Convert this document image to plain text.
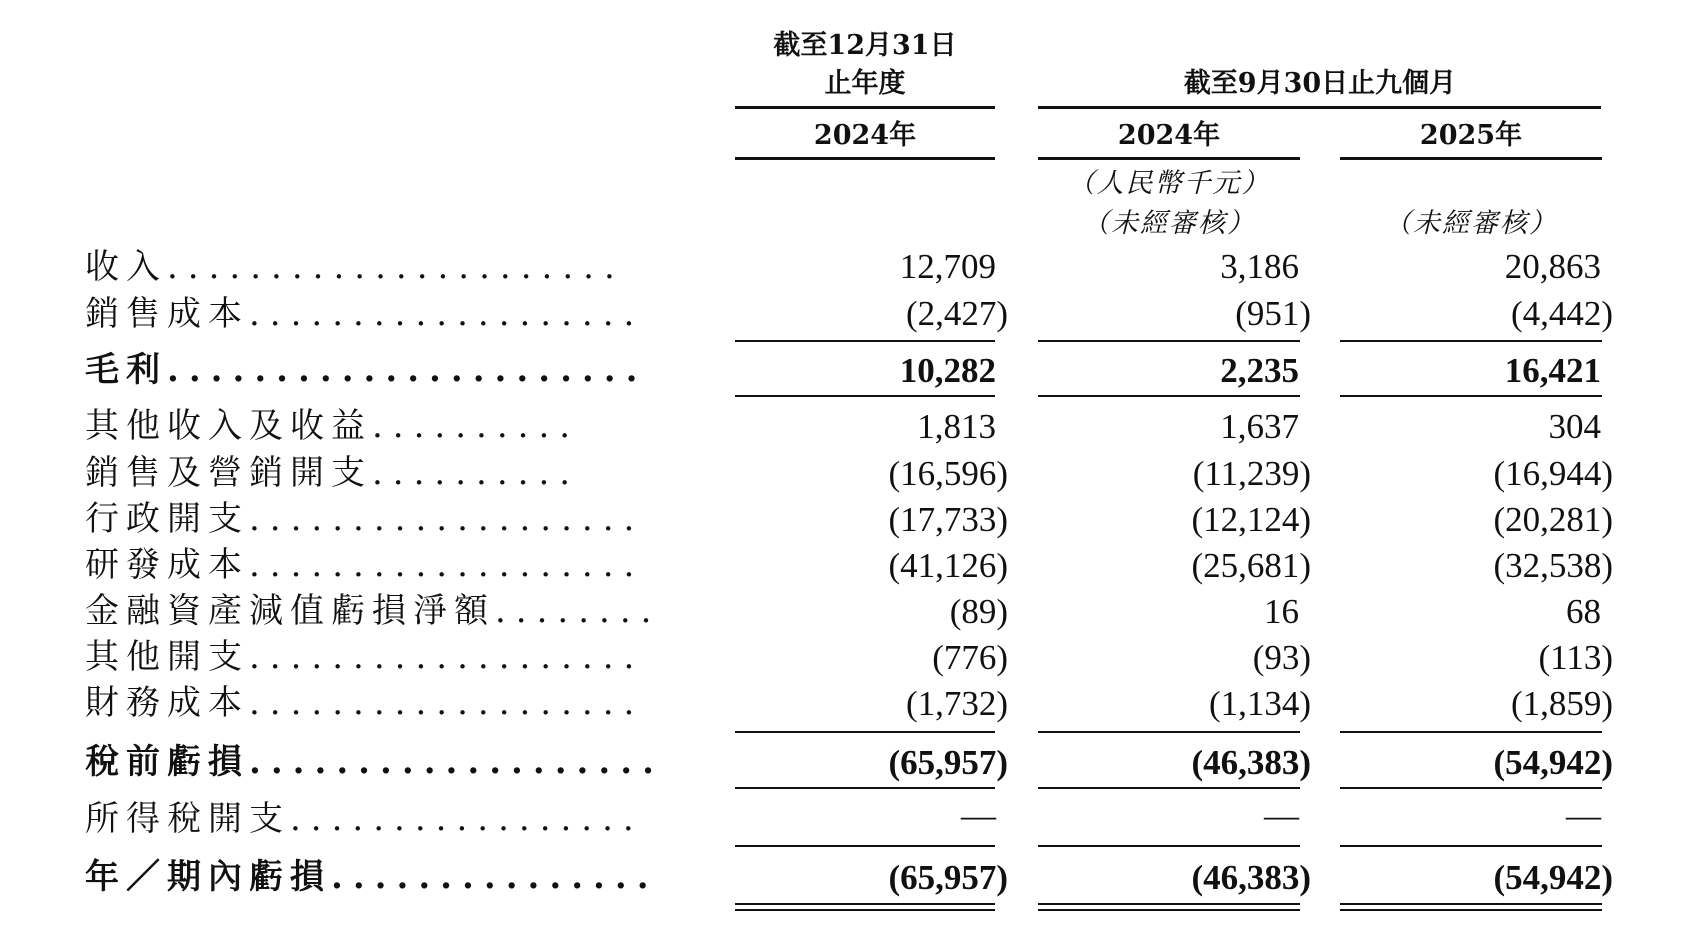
截至12月31日
止年度	截至9月30日止九個月
2024年	2024年	2025年
（人民幣千元）
（未經審核）	（未經審核）
收入......................	12,709	3,186	20,863
銷售成本...................	(2,427)	(951)	(4,442)
毛利......................	10,282	2,235	16,421
其他收入及收益..........	1,813	1,637	304
銷售及營銷開支..........	(16,596)	(11,239)	(16,944)
行政開支...................	(17,733)	(12,124)	(20,281)
研發成本...................	(41,126)	(25,681)	(32,538)
金融資產減值虧損淨額........	(89)	16	68
其他開支...................	(776)	(93)	(113)
財務成本...................	(1,732)	(1,134)	(1,859)
稅前虧損...................	(65,957)	(46,383)	(54,942)
所得稅開支.................	—	—	—
年／期內虧損...............	(65,957)	(46,383)	(54,942)
